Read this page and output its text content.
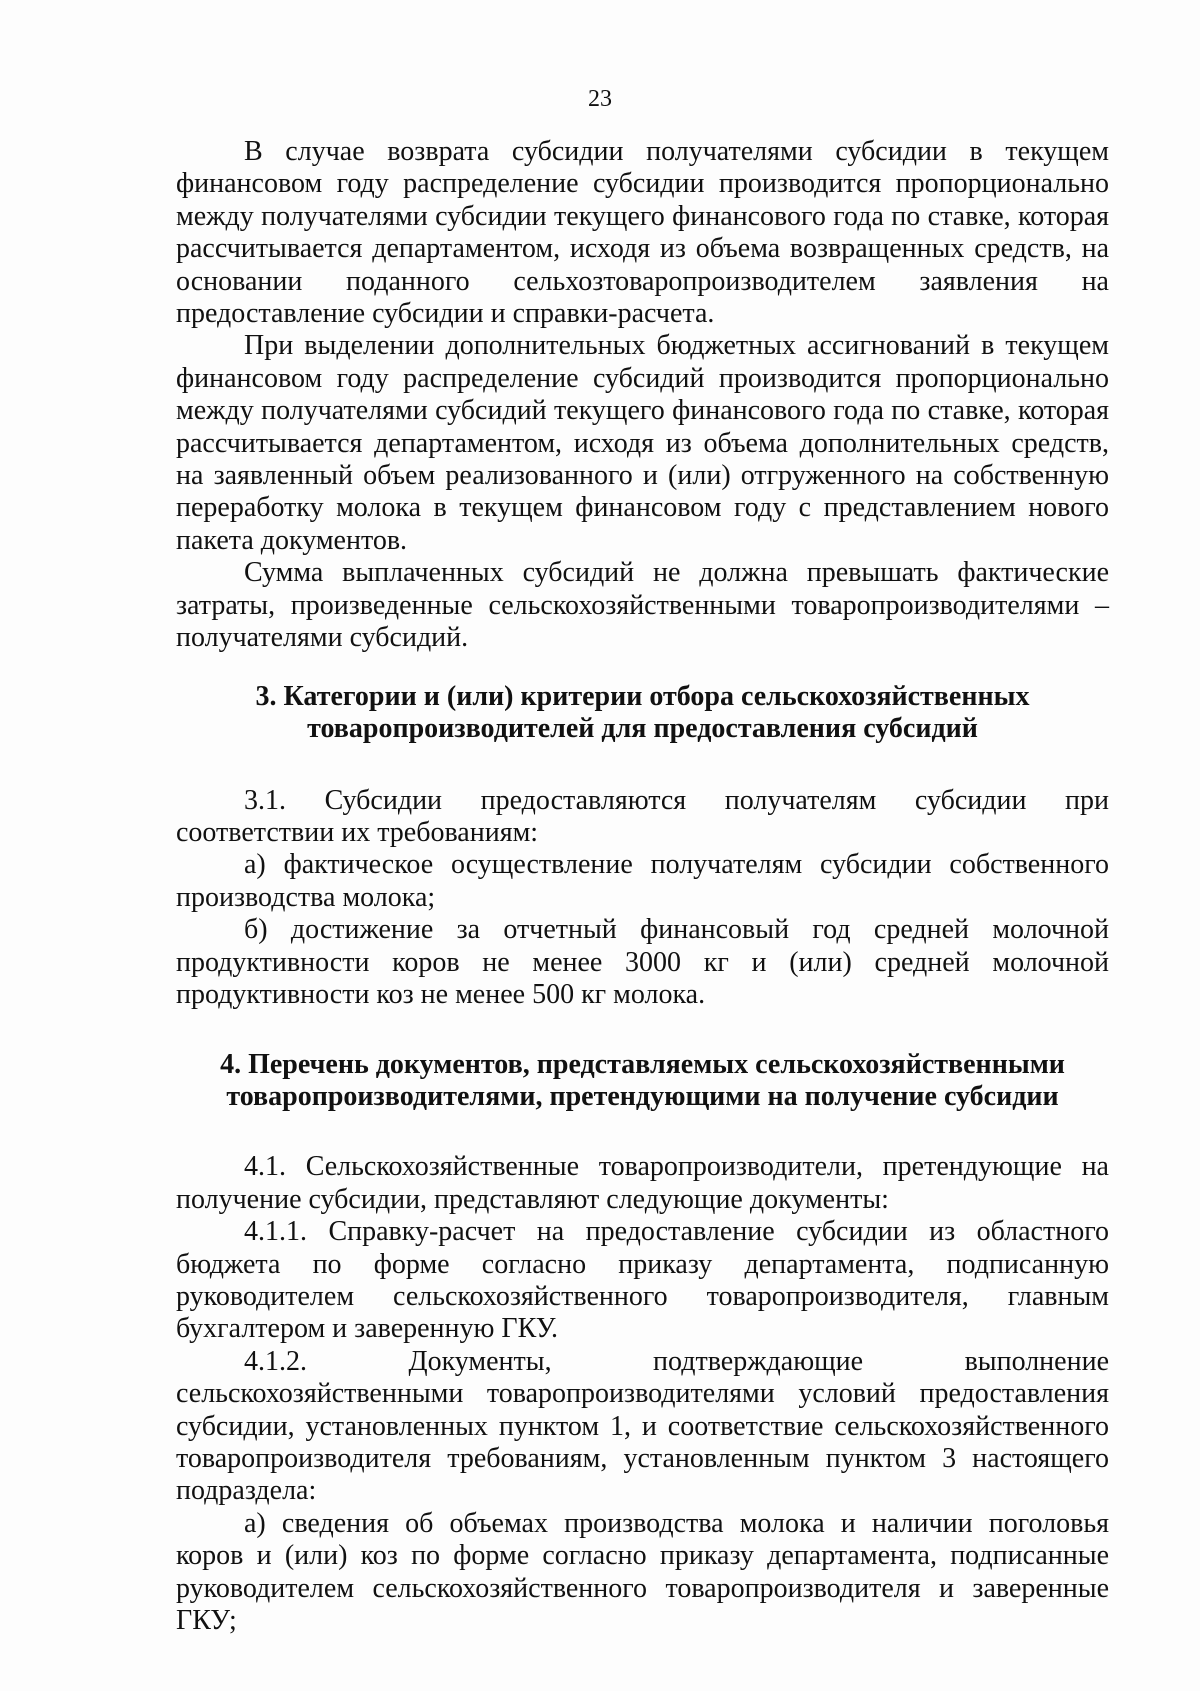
23

В случае возврата субсидии получателями субсидии в текущем финансовом году распределение субсидии производится пропорционально между получателями субсидии текущего финансового года по ставке, которая рассчитывается департаментом, исходя из объема возвращенных средств, на основании поданного сельхозтоваропроизводителем заявления на предоставление субсидии и справки-расчета.

При выделении дополнительных бюджетных ассигнований в текущем финансовом году распределение субсидий производится пропорционально между получателями субсидий текущего финансового года по ставке, которая рассчитывается департаментом, исходя из объема дополнительных средств, на заявленный объем реализованного и (или) отгруженного на собственную переработку молока в текущем финансовом году с представлением нового пакета документов.

Сумма выплаченных субсидий не должна превышать фактические затраты, произведенные сельскохозяйственными товаропроизводителями – получателями субсидий.

3. Категории и (или) критерии отбора сельскохозяйственных
товаропроизводителей для предоставления субсидий

3.1. Субсидии предоставляются получателям субсидии при соответствии их требованиям:

а) фактическое осуществление получателям субсидии собственного производства молока;

б) достижение за отчетный финансовый год средней молочной продуктивности коров не менее 3000 кг и (или) средней молочной продуктивности коз не менее 500 кг молока.

4. Перечень документов, представляемых сельскохозяйственными
товаропроизводителями, претендующими на получение субсидии

4.1. Сельскохозяйственные товаропроизводители, претендующие на получение субсидии, представляют следующие документы:

4.1.1. Справку-расчет на предоставление субсидии из областного бюджета по форме согласно приказу департамента, подписанную руководителем сельскохозяйственного товаропроизводителя, главным бухгалтером и заверенную ГКУ.

4.1.2. Документы, подтверждающие выполнение сельскохозяйственными товаропроизводителями условий предоставления субсидии, установленных пунктом 1, и соответствие сельскохозяйственного товаропроизводителя требованиям, установленным пунктом 3 настоящего подраздела:

а) сведения об объемах производства молока и наличии поголовья коров и (или) коз по форме согласно приказу департамента, подписанные руководителем сельскохозяйственного товаропроизводителя и заверенные ГКУ;
